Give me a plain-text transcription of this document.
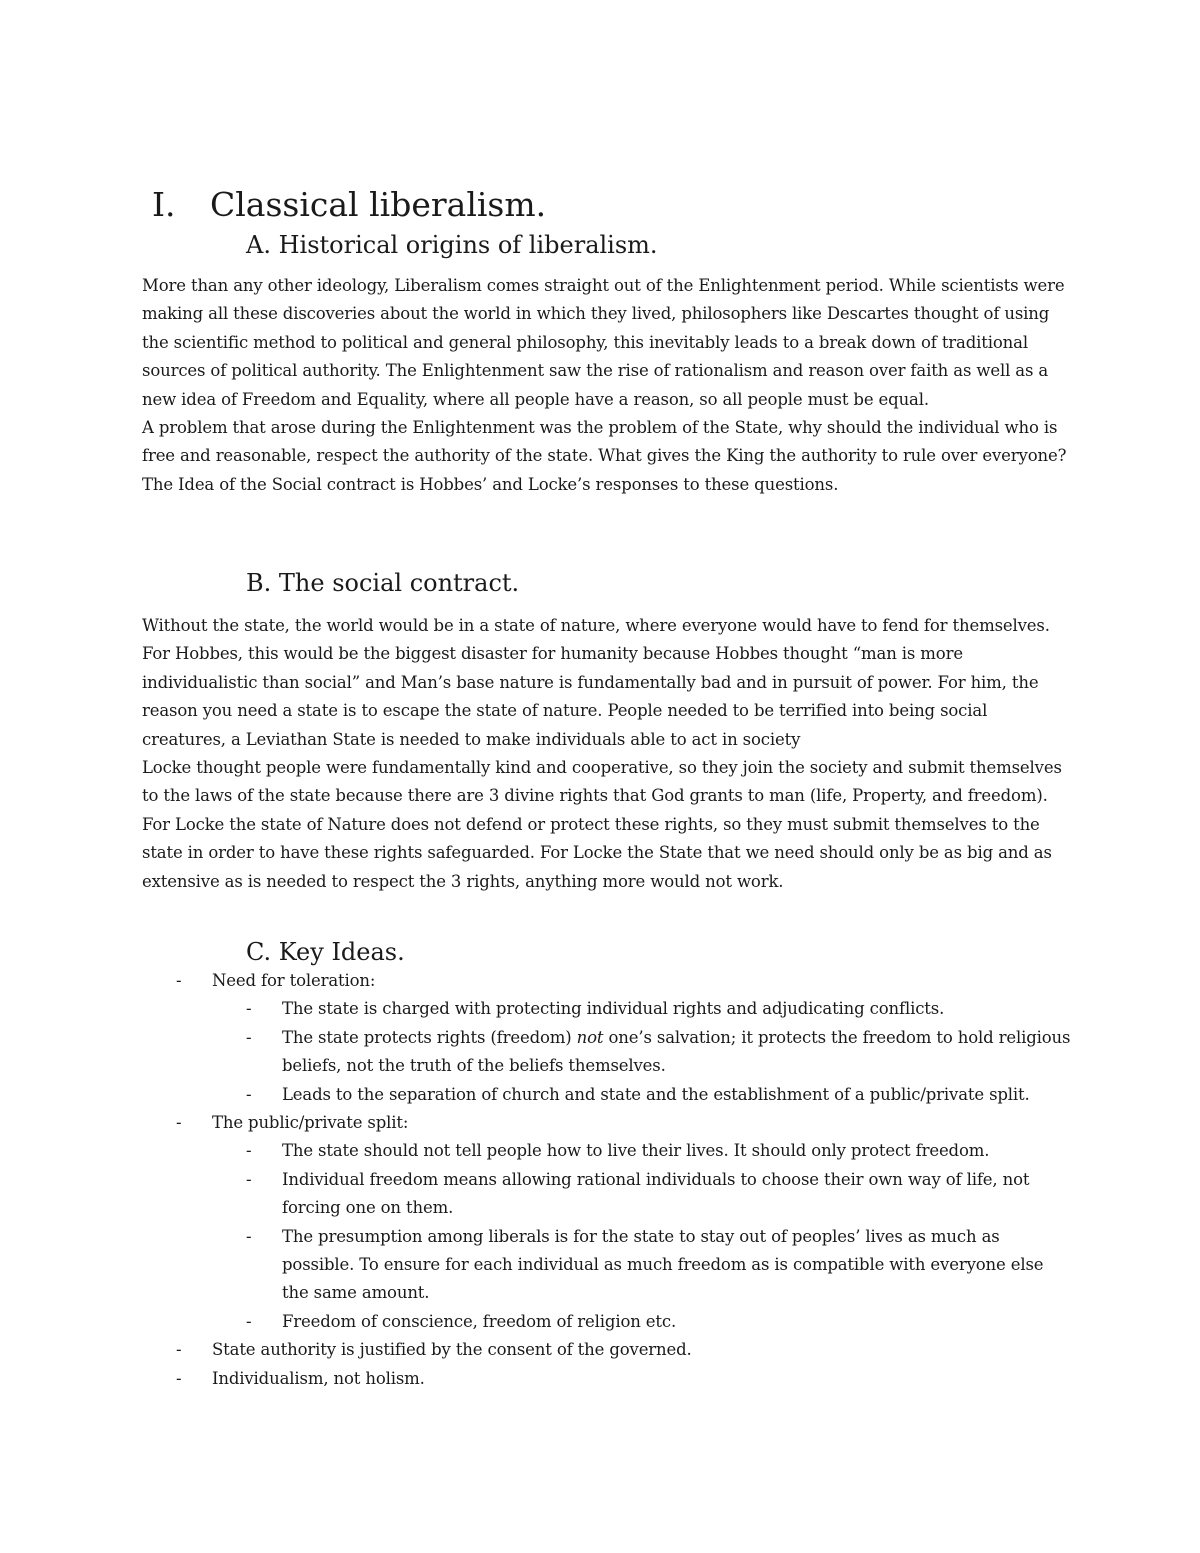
I. Classical liberalism.
A. Historical origins of liberalism.

More than any other ideology, Liberalism comes straight out of the Enlightenment period. While scientists were making all these discoveries about the world in which they lived, philosophers like Descartes thought of using the scientific method to political and general philosophy, this inevitably leads to a break down of traditional sources of political authority. The Enlightenment saw the rise of rationalism and reason over faith as well as a new idea of Freedom and Equality, where all people have a reason, so all people must be equal.

A problem that arose during the Enlightenment was the problem of the State, why should the individual who is free and reasonable, respect the authority of the state. What gives the King the authority to rule over everyone? The Idea of the Social contract is Hobbes’ and Locke’s responses to these questions.

B. The social contract.

Without the state, the world would be in a state of nature, where everyone would have to fend for themselves. For Hobbes, this would be the biggest disaster for humanity because Hobbes thought “man is more individualistic than social” and Man’s base nature is fundamentally bad and in pursuit of power. For him, the reason you need a state is to escape the state of nature. People needed to be terrified into being social creatures, a Leviathan State is needed to make individuals able to act in society

Locke thought people were fundamentally kind and cooperative, so they join the society and submit themselves to the laws of the state because there are 3 divine rights that God grants to man (life, Property, and freedom). For Locke the state of Nature does not defend or protect these rights, so they must submit themselves to the state in order to have these rights safeguarded. For Locke the State that we need should only be as big and as extensive as is needed to respect the 3 rights, anything more would not work.

C. Key Ideas.
- Need for toleration:
- The state is charged with protecting individual rights and adjudicating conflicts.
- The state protects rights (freedom) not one’s salvation; it protects the freedom to hold religious beliefs, not the truth of the beliefs themselves.
- Leads to the separation of church and state and the establishment of a public/private split.
- The public/private split:
- The state should not tell people how to live their lives. It should only protect freedom.
- Individual freedom means allowing rational individuals to choose their own way of life, not forcing one on them.
- The presumption among liberals is for the state to stay out of peoples’ lives as much as possible. To ensure for each individual as much freedom as is compatible with everyone else the same amount.
- Freedom of conscience, freedom of religion etc.
- State authority is justified by the consent of the governed.
- Individualism, not holism.
